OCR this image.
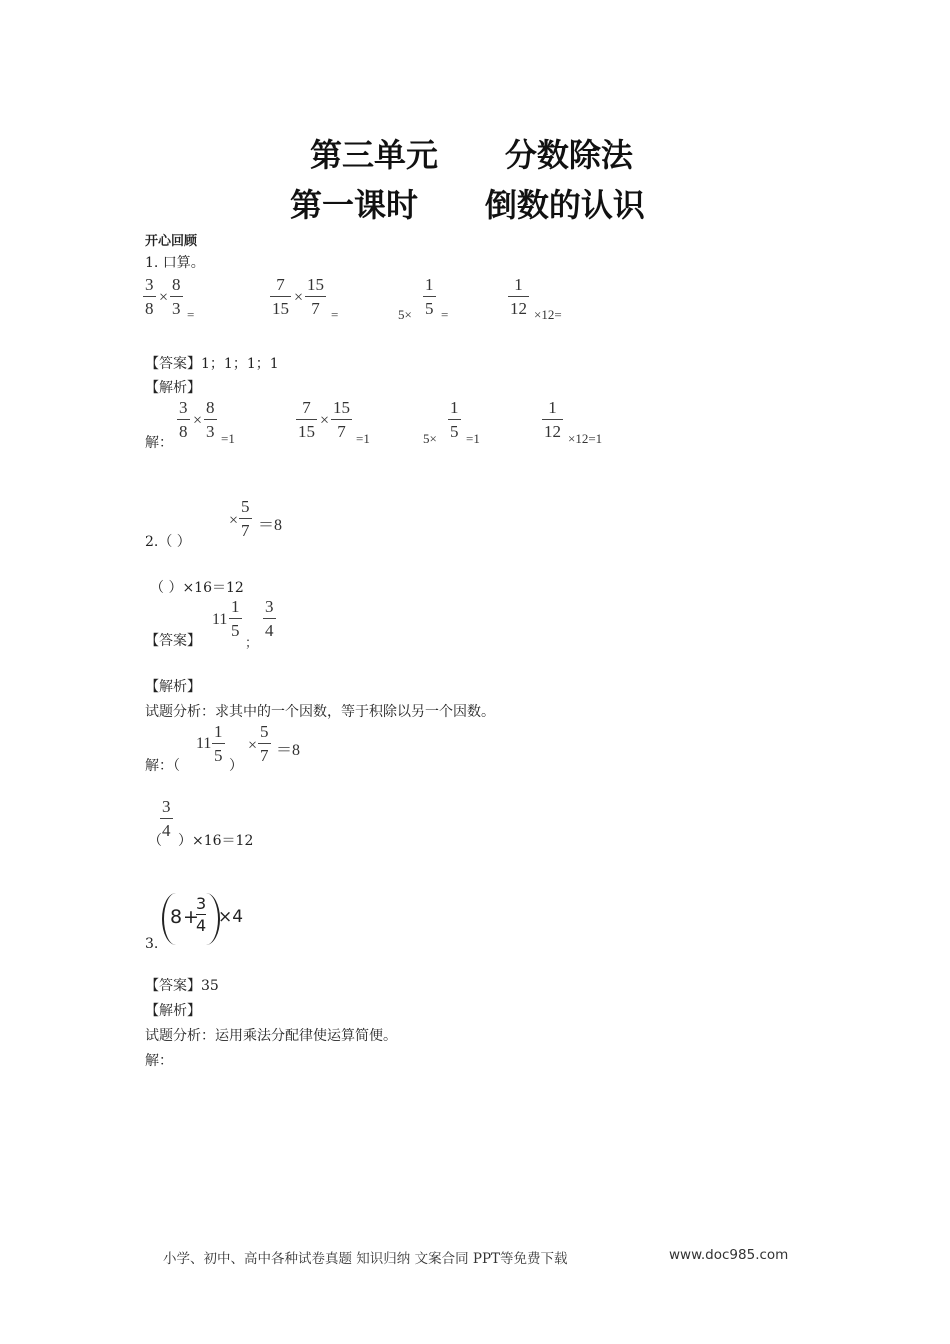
第三单元      分数除法
第一课时      倒数的认识
开心回顾
1. 口算。
3
8
×
8
3 =
7
15
×
15
7 =	5×
1
5 =
1
12 ×12=
【答案】1；1；1；1
【解析】
解：
3
8
×
8
3 =1
7
15
×
15
7 =1	5×
1
5 =1
1
12 ×12=1
2.（ ）
×
5
7 ＝8
（ ）×16＝12
【答案】
11
1
5
；
3
4
【解析】
试题分析：求其中的一个因数，等于积除以另一个因数。
解：（
11
1
5
）
×
5
7 ＝8
（
3
4
）×16＝12
3.
8 +
3
4 ×4
【答案】35
【解析】
试题分析：运用乘法分配律使运算简便。
解：
小学、初中、高中各种试卷真题 知识归纳 文案合同 PPT等免费下载	www.doc985.com
